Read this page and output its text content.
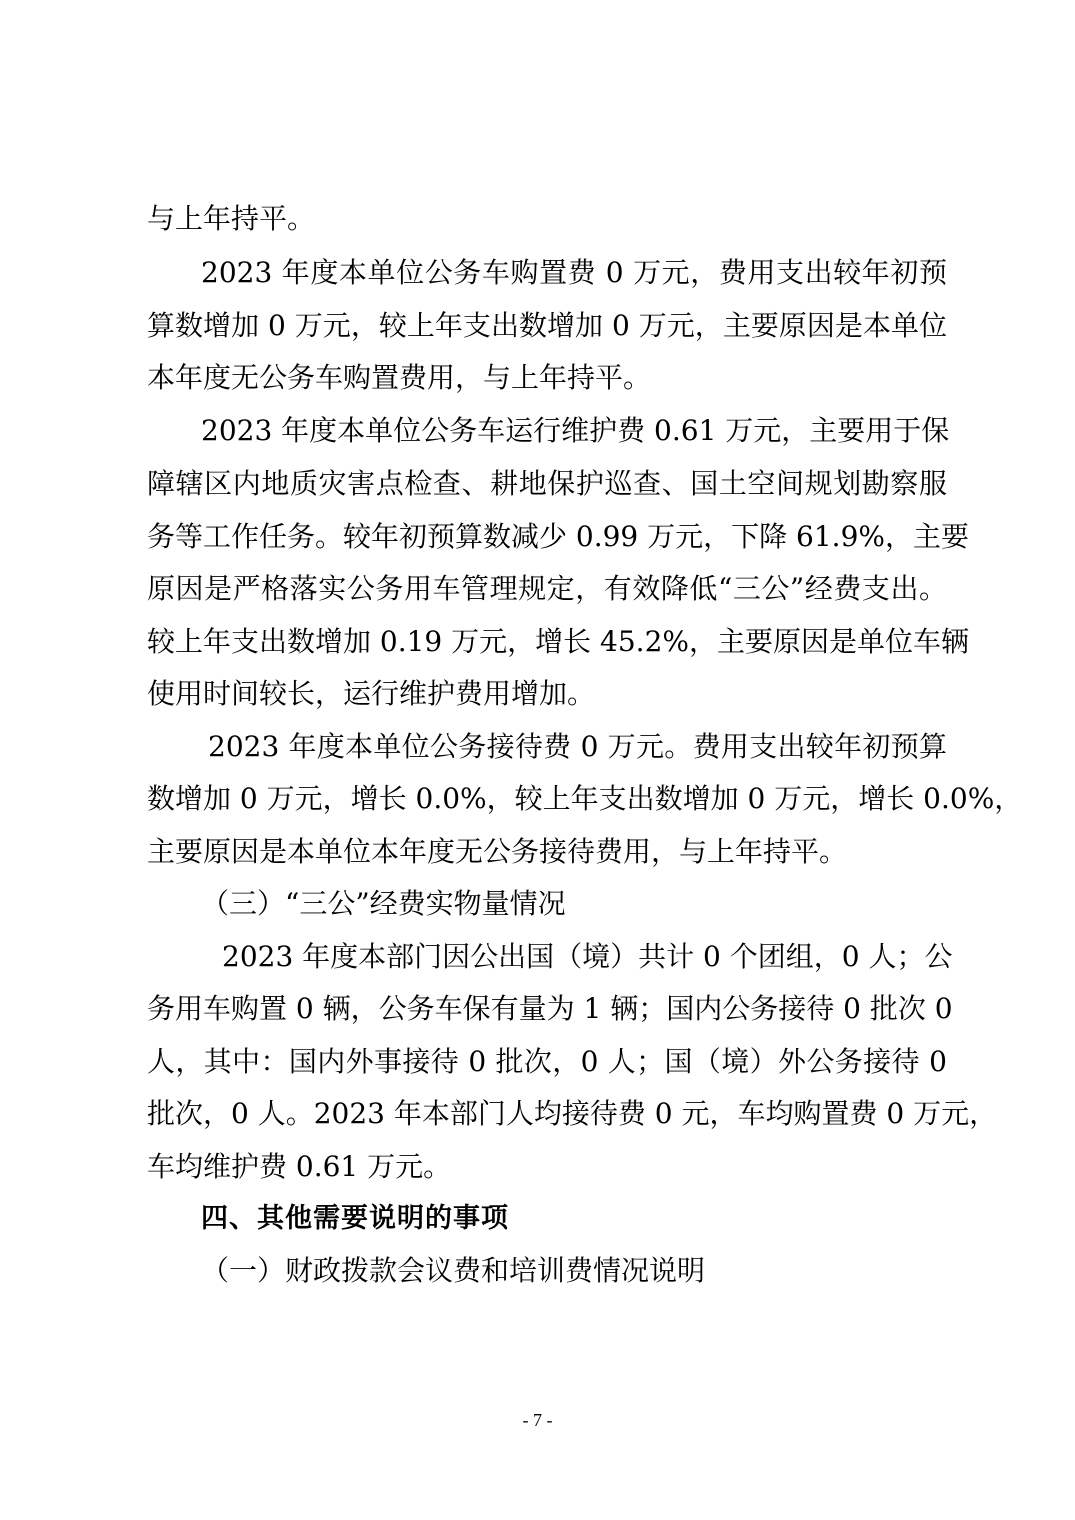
与上年持平。
2023 年度本单位公务车购置费 0 万元，费用支出较年初预
算数增加 0 万元，较上年支出数增加 0 万元，主要原因是本单位
本年度无公务车购置费用，与上年持平。
2023 年度本单位公务车运行维护费 0.61 万元，主要用于保
障辖区内地质灾害点检查、耕地保护巡查、国土空间规划勘察服
务等工作任务。较年初预算数减少 0.99 万元，下降 61.9%，主要
原因是严格落实公务用车管理规定，有效降低“三公”经费支出。
较上年支出数增加 0.19 万元，增长 45.2%，主要原因是单位车辆
使用时间较长，运行维护费用增加。
2023 年度本单位公务接待费 0 万元。费用支出较年初预算
数增加 0 万元，增长 0.0%，较上年支出数增加 0 万元，增长 0.0%，
主要原因是本单位本年度无公务接待费用，与上年持平。
（三）“三公”经费实物量情况
2023 年度本部门因公出国（境）共计 0 个团组，0 人；公
务用车购置 0 辆，公务车保有量为 1 辆；国内公务接待 0 批次 0
人，其中：国内外事接待 0 批次，0 人；国（境）外公务接待 0
批次，0 人。2023 年本部门人均接待费 0 元，车均购置费 0 万元，
车均维护费 0.61 万元。
四、其他需要说明的事项
（一）财政拨款会议费和培训费情况说明
- 7 -
